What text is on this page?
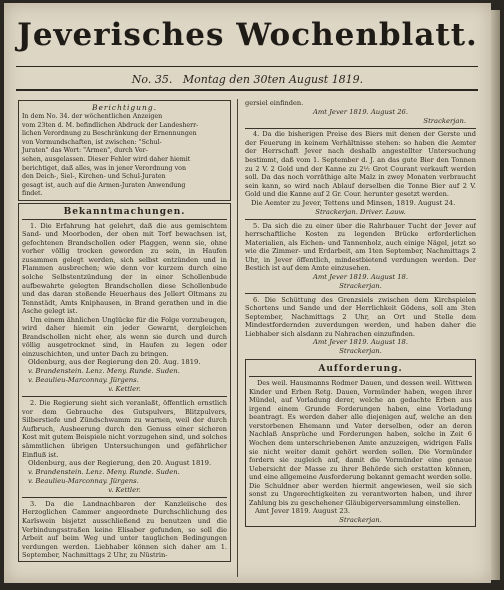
Jeverisches Wochenblatt.
No. 35. Montag den 30ten August 1819.
Berichtigung.
In dem No. 34. der wöchentlichen Anzeigen
vom 23ten d. M. befindlichen Abdruck der Landesherr-
lichen Verordnung zu Beschränkung der Ernennungen
von Vormundschaften, ist zwischen: "Schul-
Juraten" das Wort: "Armen", durch Ver-
sehen, ausgelassen. Dieser Fehler wird daher hiemit
berichtiget, daß alles, was in jener Verordnung von
den Deich-, Siel-, Kirchen- und Schul-Juraten
gesagt ist, auch auf die Armen-Juraten Anwendung
findet.
Bekanntmachungen.

1. Die Erfahrung hat gelehrt, daß die aus gemischtem Sand- und Moorboden, der oben mit Torf bewachsen ist, gefochtenen Brandschollen oder Plaggen, wenn sie, ohne vorher völlig trocken geworden zu sein, in Haufen zusammen gelegt werden, sich selbst entzünden und in Flammen ausbrechen; wie denn vor kurzem durch eine solche Selbstentzündung der in einer Schollenbude aufbewahrte gelegten Brandschollen diese Schollenbude und das daran stoßende Heuerhaus des Jellert Oltmans zu Tennstädt, Amts Kniphausen, in Brand gerathen und in die Asche gelegt ist.

Um einem ähnlichen Unglücke für die Folge vorzubeugen, wird daher hiemit ein jeder Gewarnt, dergleichen Brandschollen nicht eher, als wenn sie durch und durch völlig ausgetrocknet sind, in Haufen zu legen oder einzuschichten, und unter Dach zu bringen.

Oldenburg, aus der Regierung den 20. Aug. 1819.
v. Brandenstein. Lenz. Meny. Runde. Suden.
v. Beaulieu-Marconnay. Jürgens.
v. Kettler.

2. Die Regierung sieht sich veranlaßt, öffentlich ernstlich vor dem Gebrauche des Gutspulvers, Blitzpulvers, Silberstiefe und Zündschwamm zu warnen, weil der durch Aufbruch, Ausbeerung durch den Genuss einer sicheren Kost mit gutem Beispiele nicht vorzugehen sind, und solches sämmtlichen übrigen Untersuchungen und gefährlicher Einfluß ist.

Oldenburg, aus der Regierung, den 20. August 1819.
v. Brandenstein. Lenz. Meny. Runde. Suden.
v. Beaulieu-Marconnay. Jürgens.
v. Kettler.

3. Da die Landnachbaren der Kanzleiische des Herzoglichen Cammer angeordnete Durchschlichung des Karlswein bisjetzt ausschließend zu benutzen und die Verbindungsstraßen keine Elisaber gefunden, so soll die Arbeit auf beim Weg und unter tauglichen Bedingungen verdungen werden. Liebhaber können sich daher am 1. September, Nachmittags 2 Uhr, zu Nüstrin-

gersiel einfinden.
Amt Jever 1819. August 26.
Strackerjan.

4. Da die bisherigen Preise des Biers mit denen der Gerste und der Feuerung in keinem Verhältnisse stehen: so haben die Aemter der Herrschaft Jever nach deshalb angestellter Untersuchung bestimmt, daß vom 1. September d. J. an das gute Bier den Tonnen zu 2 V. 2 Gold und der Kanne zu 2½ Grot Courant verkauft werden soll. Da das noch vorräthige alte Malz in zwey Monaten verbraucht sein kann, so wird nach Ablauf derselben die Tonne Bier auf 2 V. Gold und die Kanne auf 2 Gr. Cour. herunter gesetzt werden.

Die Aemter zu Jever, Tettens und Minsen, 1819. August 24.
Strackerjan. Driver. Lauw.

5. Da sich die zu einer über die Rahrbauer Tucht der Jever auf herrschaftliche Kosten zu legenden Brücke erforderlichen Materialien, als Eichen- und Tannenholz, auch einige Nägel, jetzt so wie die Zimmer- und Erdarbeit, am 1ten September, Nachmittags 2 Uhr, in Jever öffentlich, mindestbietend verdungen werden. Der Bestich ist auf dem Amte einzusehen.

Amt Jever 1819. August 18.
Strackerjan.

6. Die Schüttung des Grenzsiels zwischen dem Kirchspielen Schortens und Sande und der Herrlichkeit Gödens, soll am 3ten September, Nachmittags 2 Uhr, an Ort und Stelle dem Mindestfordernden zuverdungen werden, und haben daher die Liebhaber sich alsdann zu Nahrachen einzufinden.

Amt Jever 1819. August 18.
Strackerjan.
Aufforderung.

Des weil. Hausmanns Rodmer Dauen, und dessen weil. Wittwen Kinder und Erben Retg. Dauen, Vormünder haben, wegen ihrer Mündel, auf Vorladung derer, welche an gedachte Erben aus irgend einem Grunde Forderungen haben, eine Vorladung beantragt. Es werden daher alle diejenigen auf, welche an den verstorbenen Ehemann und Vater derselben, oder an deren Nachlaß Ansprüche und Forderungen haben, solche in Zeit 6 Wochen dem unterschriebenen Amte anzuzeigen, widrigen Falls sie nicht weiter damit gehört werden sollen. Die Vormünder fordern sie zugleich auf, damit die Vormünder eine genaue Uebersicht der Masse zu ihrer Behörde sich erstatten können, und eine allgemeine Ausforderung bekannt gemacht werden solle. Die Schuldner aber werden hiermit angewiesen, weil sie sich sonst zu Ungerechtigkeiten zu verantworten haben, und ihrer Zahlung bis zu geschehener Gläubigerversammlung einstellen.

Amt Jever 1819. August 23.
Strackerjan.
